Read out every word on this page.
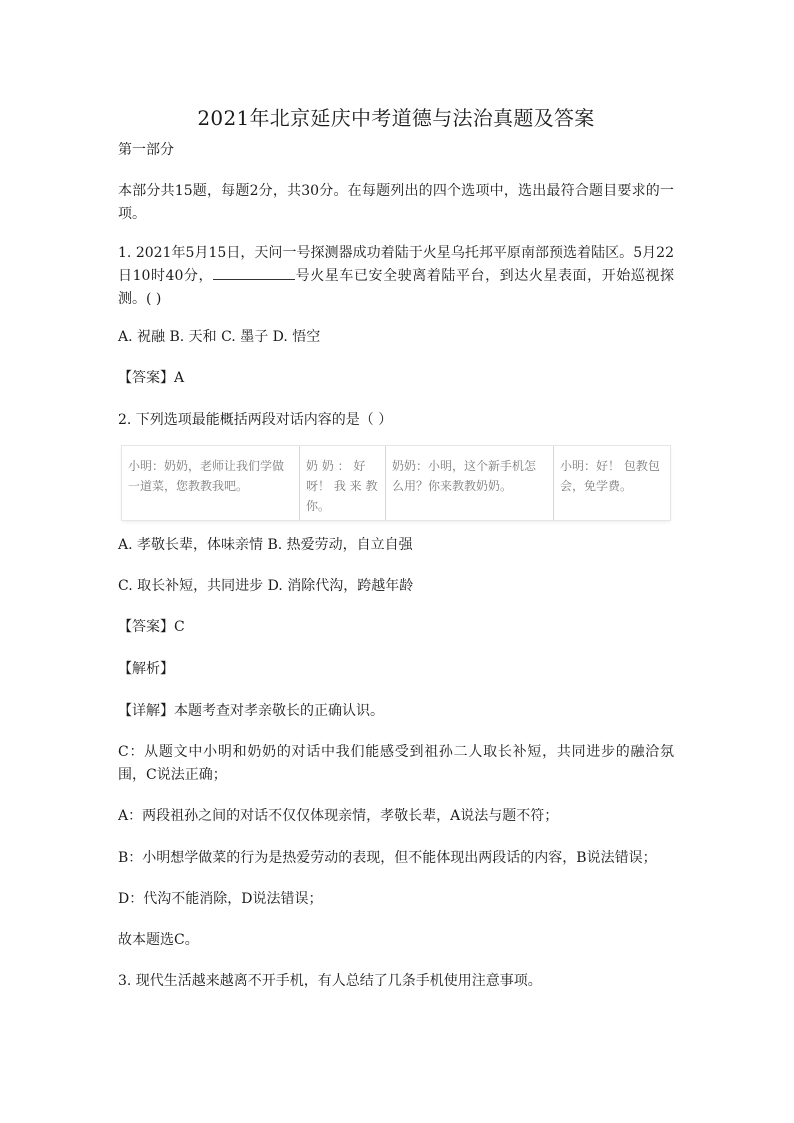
2021年北京延庆中考道德与法治真题及答案
第一部分
本部分共15题，每题2分，共30分。在每题列出的四个选项中，选出最符合题目要求的一项。
1. 2021年5月15日，天问一号探测器成功着陆于火星乌托邦平原南部预选着陆区。5月22日10时40分，	号火星车已安全驶离着陆平台，到达火星表面，开始巡视探测。( )
A. 祝融 B. 天和 C. 墨子 D. 悟空
【答案】A
2. 下列选项最能概括两段对话内容的是（ ）
小明：奶奶，老师让我们学做一道菜，您教教我吧。
奶 奶 ： 好呀！ 我 来 教你。
奶奶：小明，这个新手机怎么用？你来教教奶奶。
小明：好！ 包教包会，免学费。
A. 孝敬长辈，体味亲情 B. 热爱劳动，自立自强
C. 取长补短，共同进步 D. 消除代沟，跨越年龄
【答案】C
【解析】
【详解】本题考查对孝亲敬长的正确认识。
C：从题文中小明和奶奶的对话中我们能感受到祖孙二人取长补短，共同进步的融洽氛围，C说法正确；
A：两段祖孙之间的对话不仅仅体现亲情，孝敬长辈，A说法与题不符；
B：小明想学做菜的行为是热爱劳动的表现，但不能体现出两段话的内容，B说法错误；
D：代沟不能消除，D说法错误；
故本题选C。
3. 现代生活越来越离不开手机，有人总结了几条手机使用注意事项。
